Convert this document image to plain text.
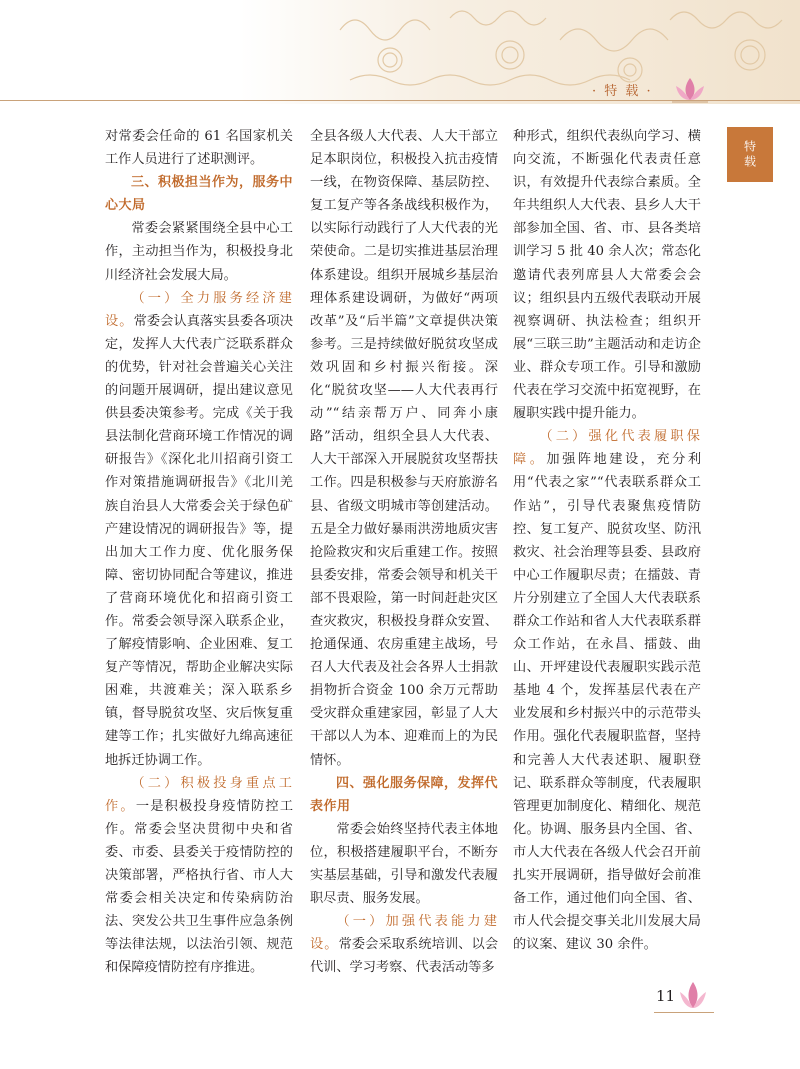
· 特 载 ·
特载

对常委会任命的 61 名国家机关工作人员进行了述职测评。

三、积极担当作为，服务中心大局

常委会紧紧围绕全县中心工作，主动担当作为，积极投身北川经济社会发展大局。

（一）全力服务经济建设。常委会认真落实县委各项决定，发挥人大代表广泛联系群众的优势，针对社会普遍关心关注的问题开展调研，提出建议意见供县委决策参考。完成《关于我县法制化营商环境工作情况的调研报告》《深化北川招商引资工作对策措施调研报告》《北川羌族自治县人大常委会关于绿色矿产建设情况的调研报告》等，提出加大工作力度、优化服务保障、密切协同配合等建议，推进了营商环境优化和招商引资工作。常委会领导深入联系企业，了解疫情影响、企业困难、复工复产等情况，帮助企业解决实际困难，共渡难关；深入联系乡镇，督导脱贫攻坚、灾后恢复重建等工作；扎实做好九绵高速征地拆迁协调工作。

（二）积极投身重点工作。一是积极投身疫情防控工作。常委会坚决贯彻中央和省委、市委、县委关于疫情防控的决策部署，严格执行省、市人大常委会相关决定和传染病防治法、突发公共卫生事件应急条例等法律法规，以法治引领、规范和保障疫情防控有序推进。

全县各级人大代表、人大干部立足本职岗位，积极投入抗击疫情一线，在物资保障、基层防控、复工复产等各条战线积极作为，以实际行动践行了人大代表的光荣使命。二是切实推进基层治理体系建设。组织开展城乡基层治理体系建设调研，为做好“两项改革”及“后半篇”文章提供决策参考。三是持续做好脱贫攻坚成效巩固和乡村振兴衔接。深化“脱贫攻坚——人大代表再行动”“结亲帮万户、同奔小康路”活动，组织全县人大代表、人大干部深入开展脱贫攻坚帮扶工作。四是积极参与天府旅游名县、省级文明城市等创建活动。五是全力做好暴雨洪涝地质灾害抢险救灾和灾后重建工作。按照县委安排，常委会领导和机关干部不畏艰险，第一时间赶赴灾区查灾救灾，积极投身群众安置、抢通保通、农房重建主战场，号召人大代表及社会各界人士捐款捐物折合资金 100 余万元帮助受灾群众重建家园，彰显了人大干部以人为本、迎难而上的为民情怀。

四、强化服务保障，发挥代表作用

常委会始终坚持代表主体地位，积极搭建履职平台，不断夯实基层基础，引导和激发代表履职尽责、服务发展。

（一）加强代表能力建设。常委会采取系统培训、以会代训、学习考察、代表活动等多

种形式，组织代表纵向学习、横向交流，不断强化代表责任意识，有效提升代表综合素质。全年共组织人大代表、县乡人大干部参加全国、省、市、县各类培训学习 5 批 40 余人次；常态化邀请代表列席县人大常委会会议；组织县内五级代表联动开展视察调研、执法检查；组织开展“三联三助”主题活动和走访企业、群众专项工作。引导和激励代表在学习交流中拓宽视野，在履职实践中提升能力。

（二）强化代表履职保障。加强阵地建设，充分利用“代表之家”“代表联系群众工作站”，引导代表聚焦疫情防控、复工复产、脱贫攻坚、防汛救灾、社会治理等县委、县政府中心工作履职尽责；在擂鼓、青片分别建立了全国人大代表联系群众工作站和省人大代表联系群众工作站，在永昌、擂鼓、曲山、开坪建设代表履职实践示范基地 4 个，发挥基层代表在产业发展和乡村振兴中的示范带头作用。强化代表履职监督，坚持和完善人大代表述职、履职登记、联系群众等制度，代表履职管理更加制度化、精细化、规范化。协调、服务县内全国、省、市人大代表在各级人代会召开前扎实开展调研，指导做好会前准备工作，通过他们向全国、省、市人代会提交事关北川发展大局的议案、建议 30 余件。

11
